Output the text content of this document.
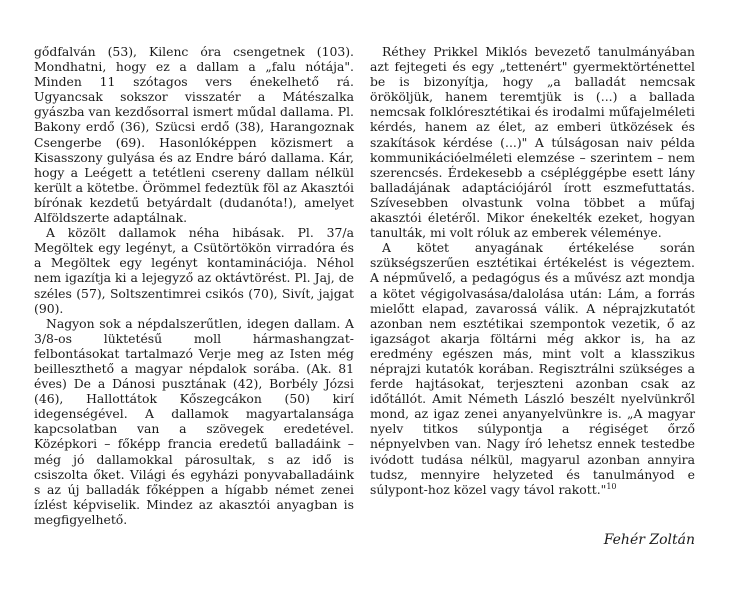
gődfalván (53), Kilenc óra csengetnek (103). Mondhatni, hogy ez a dallam a „falu nótája". Minden 11 szótagos vers énekelhető rá. Ugyancsak sokszor visszatér a Mátészalka gyászba van kezdősorral ismert műdal dallama. Pl. Bakony erdő (36), Szücsi erdő (38), Harangoznak Csengerbe (69). Hasonlóképpen közismert a Kisasszony gulyása és az Endre báró dallama. Kár, hogy a Leégett a tetétleni csereny dallam nélkül került a kötetbe. Örömmel fedeztük föl az Akasztói bírónak kezdetű betyárdalt (dudanóta!), amelyet Alföldszerte adaptálnak.

A közölt dallamok néha hibásak. Pl. 37/a Megöltek egy legényt, a Csütörtökön virradóra és a Megöltek egy legényt kontaminációja. Néhol nem igazítja ki a lejegyző az oktávtörést. Pl. Jaj, de széles (57), Soltszentimrei csikós (70), Sivít, jajgat (90).

Nagyon sok a népdalszerűtlen, idegen dallam. A 3/8-os lüktetésű moll hármashangzat-felbontásokat tartalmazó Verje meg az Isten még beilleszthető a magyar népdalok sorába. (Ak. 81 éves) De a Dánosi pusztának (42), Borbély Józsi (46), Hallottátok Kőszegcákon (50) kirí idegenségével. A dallamok magyartalansága kapcsolatban van a szövegek eredetével. Középkori – főképp francia eredetű balladáink – még jó dallamokkal párosultak, s az idő is csiszolta őket. Világi és egyházi ponyvaballadáink s az új balladák főképpen a hígabb német zenei ízlést képviselik. Mindez az akasztói anyagban is megfigyelhető.

Réthey Prikkel Miklós bevezető tanulmányában azt fejtegeti és egy „tettenért" gyermektörténettel be is bizonyítja, hogy „a balladát nemcsak örököljük, hanem teremtjük is (...) a ballada nemcsak folklóresztétikai és irodalmi műfajelméleti kérdés, hanem az élet, az emberi ütközések és szakítások kérdése (...)" A túlságosan naiv példa kommunikációelméleti elemzése – szerintem – nem szerencsés. Érdekesebb a csépléggépbe esett lány balladájának adaptációjáról írott eszmefuttatás. Szívesebben olvastunk volna többet a műfaj akasztói életéről. Mikor énekelték ezeket, hogyan tanulták, mi volt róluk az emberek véleménye.

A kötet anyagának értékelése során szükségszerűen esztétikai értékelést is végeztem. A népművelő, a pedagógus és a művész azt mondja a kötet végigolvasása/dalolása után: Lám, a forrás mielőtt elapad, zavarossá válik. A néprajzkutatót azonban nem esztétikai szempontok vezetik, ő az igazságot akarja föltárni még akkor is, ha az eredmény egészen más, mint volt a klasszikus néprajzi kutatók korában. Regisztrálni szükséges a ferde hajtásokat, terjeszteni azonban csak az időtállót. Amit Németh László beszélt nyelvünkről mond, az igaz zenei anyanyelvünkre is. „A magyar nyelv titkos súlypontja a régiséget őrző népnyelvben van. Nagy író lehetsz ennek testedbe ivódott tudása nélkül, magyarul azonban annyira tudsz, mennyire helyzeted és tanulmányod e súlypont-hoz közel vagy távol rakott."$^{10}$

Fehér Zoltán
